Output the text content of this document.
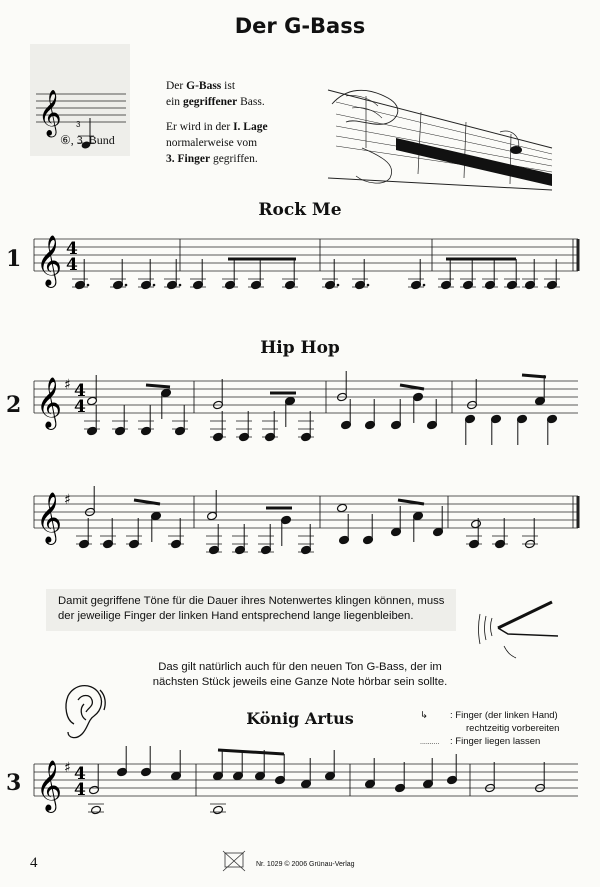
Der G-Bass
𝄞 3
⑥, 3. Bund
Der G-Bass ist
ein gegriffener Bass.
Er wird in der I. Lage
normalerweise vom
3. Finger gegriffen.
Rock Me
1
2
3
Hip Hop
𝄞 4
4
𝄞 ♯ 4
4
𝄞 ♯
𝄞 ♯ 4
4
Damit gegriffene Töne für die Dauer ihres Notenwertes klingen können, muss
der jeweilige Finger der linken Hand entsprechend lange liegenbleiben.
Das gilt natürlich auch für den neuen Ton G-Bass, der im
nächsten Stück jeweils eine Ganze Note hörbar sein sollte.
König Artus	↳ : Finger (der linken Hand)
rechtzeitig vorbereiten
.......... : Finger liegen lassen
4	Nr. 1029 © 2006 Grünau-Verlag
